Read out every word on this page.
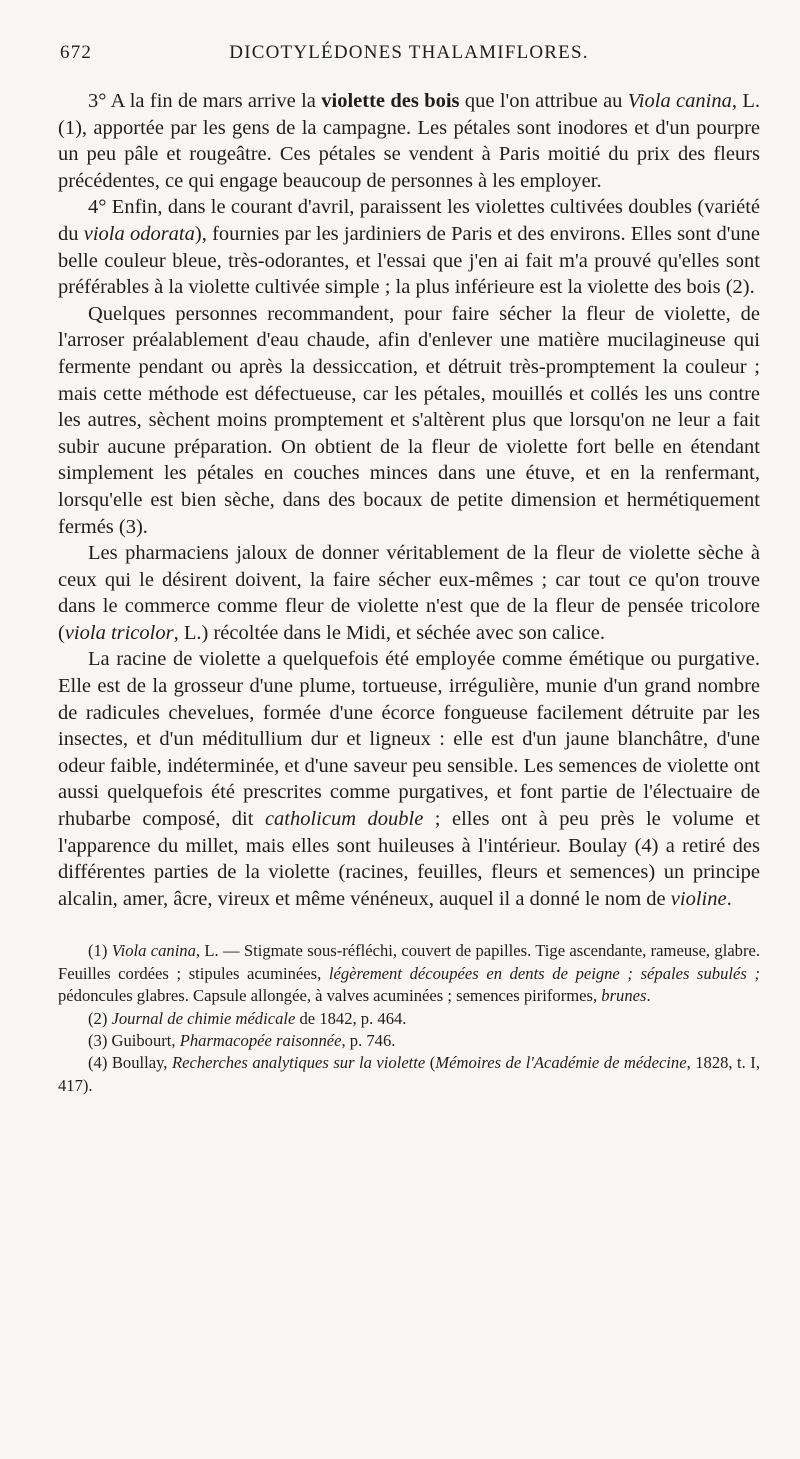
672	DICOTYLÉDONES THALAMIFLORES.

3° A la fin de mars arrive la violette des bois que l'on attribue au Viola canina, L. (1), apportée par les gens de la campagne. Les pétales sont inodores et d'un pourpre un peu pâle et rougeâtre. Ces pétales se vendent à Paris moitié du prix des fleurs précédentes, ce qui engage beaucoup de personnes à les employer.

4° Enfin, dans le courant d'avril, paraissent les violettes cultivées doubles (variété du viola odorata), fournies par les jardiniers de Paris et des environs. Elles sont d'une belle couleur bleue, très-odorantes, et l'essai que j'en ai fait m'a prouvé qu'elles sont préférables à la violette cultivée simple ; la plus inférieure est la violette des bois (2).

Quelques personnes recommandent, pour faire sécher la fleur de violette, de l'arroser préalablement d'eau chaude, afin d'enlever une matière mucilagineuse qui fermente pendant ou après la dessiccation, et détruit très-promptement la couleur ; mais cette méthode est défectueuse, car les pétales, mouillés et collés les uns contre les autres, sèchent moins promptement et s'altèrent plus que lorsqu'on ne leur a fait subir aucune préparation. On obtient de la fleur de violette fort belle en étendant simplement les pétales en couches minces dans une étuve, et en la renfermant, lorsqu'elle est bien sèche, dans des bocaux de petite dimension et hermétiquement fermés (3).

Les pharmaciens jaloux de donner véritablement de la fleur de violette sèche à ceux qui le désirent doivent, la faire sécher eux-mêmes ; car tout ce qu'on trouve dans le commerce comme fleur de violette n'est que de la fleur de pensée tricolore (viola tricolor, L.) récoltée dans le Midi, et séchée avec son calice.

La racine de violette a quelquefois été employée comme émétique ou purgative. Elle est de la grosseur d'une plume, tortueuse, irrégulière, munie d'un grand nombre de radicules chevelues, formée d'une écorce fongueuse facilement détruite par les insectes, et d'un méditullium dur et ligneux : elle est d'un jaune blanchâtre, d'une odeur faible, indéterminée, et d'une saveur peu sensible. Les semences de violette ont aussi quelquefois été prescrites comme purgatives, et font partie de l'électuaire de rhubarbe composé, dit catholicum double ; elles ont à peu près le volume et l'apparence du millet, mais elles sont huileuses à l'intérieur. Boulay (4) a retiré des différentes parties de la violette (racines, feuilles, fleurs et semences) un principe alcalin, amer, âcre, vireux et même vénéneux, auquel il a donné le nom de violine.

(1) Viola canina, L. — Stigmate sous-réfléchi, couvert de papilles. Tige ascendante, rameuse, glabre. Feuilles cordées ; stipules acuminées, légèrement découpées en dents de peigne ; sépales subulés ; pédoncules glabres. Capsule allongée, à valves acuminées ; semences piriformes, brunes.

(2) Journal de chimie médicale de 1842, p. 464.

(3) Guibourt, Pharmacopée raisonnée, p. 746.

(4) Boullay, Recherches analytiques sur la violette (Mémoires de l'Académie de médecine, 1828, t. I, 417).
